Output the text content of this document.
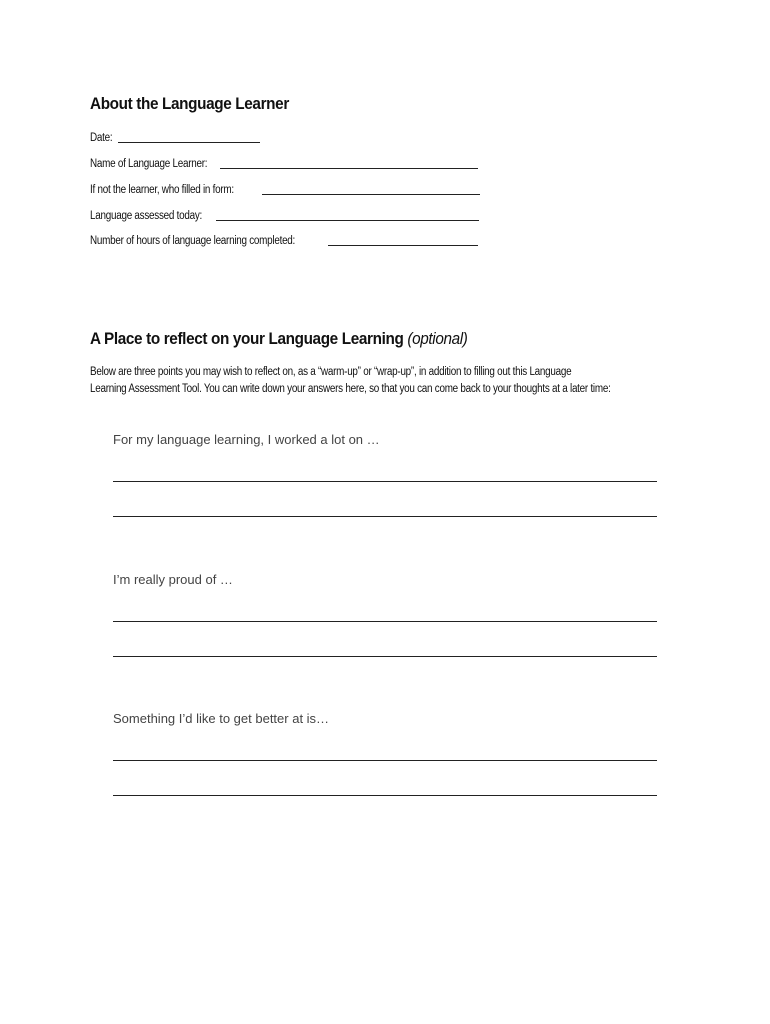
About the Language Learner
Date:
Name of Language Learner:
If not the learner, who filled in form:
Language assessed today:
Number of hours of language learning completed:
A Place to reflect on your Language Learning (optional)
Below are three points you may wish to reflect on, as a “warm-up” or “wrap-up”, in addition to filling out this Language
Learning Assessment Tool. You can write down your answers here, so that you can come back to your thoughts at a later time:
For my language learning, I worked a lot on …
I’m really proud of …
Something I’d like to get better at is…
